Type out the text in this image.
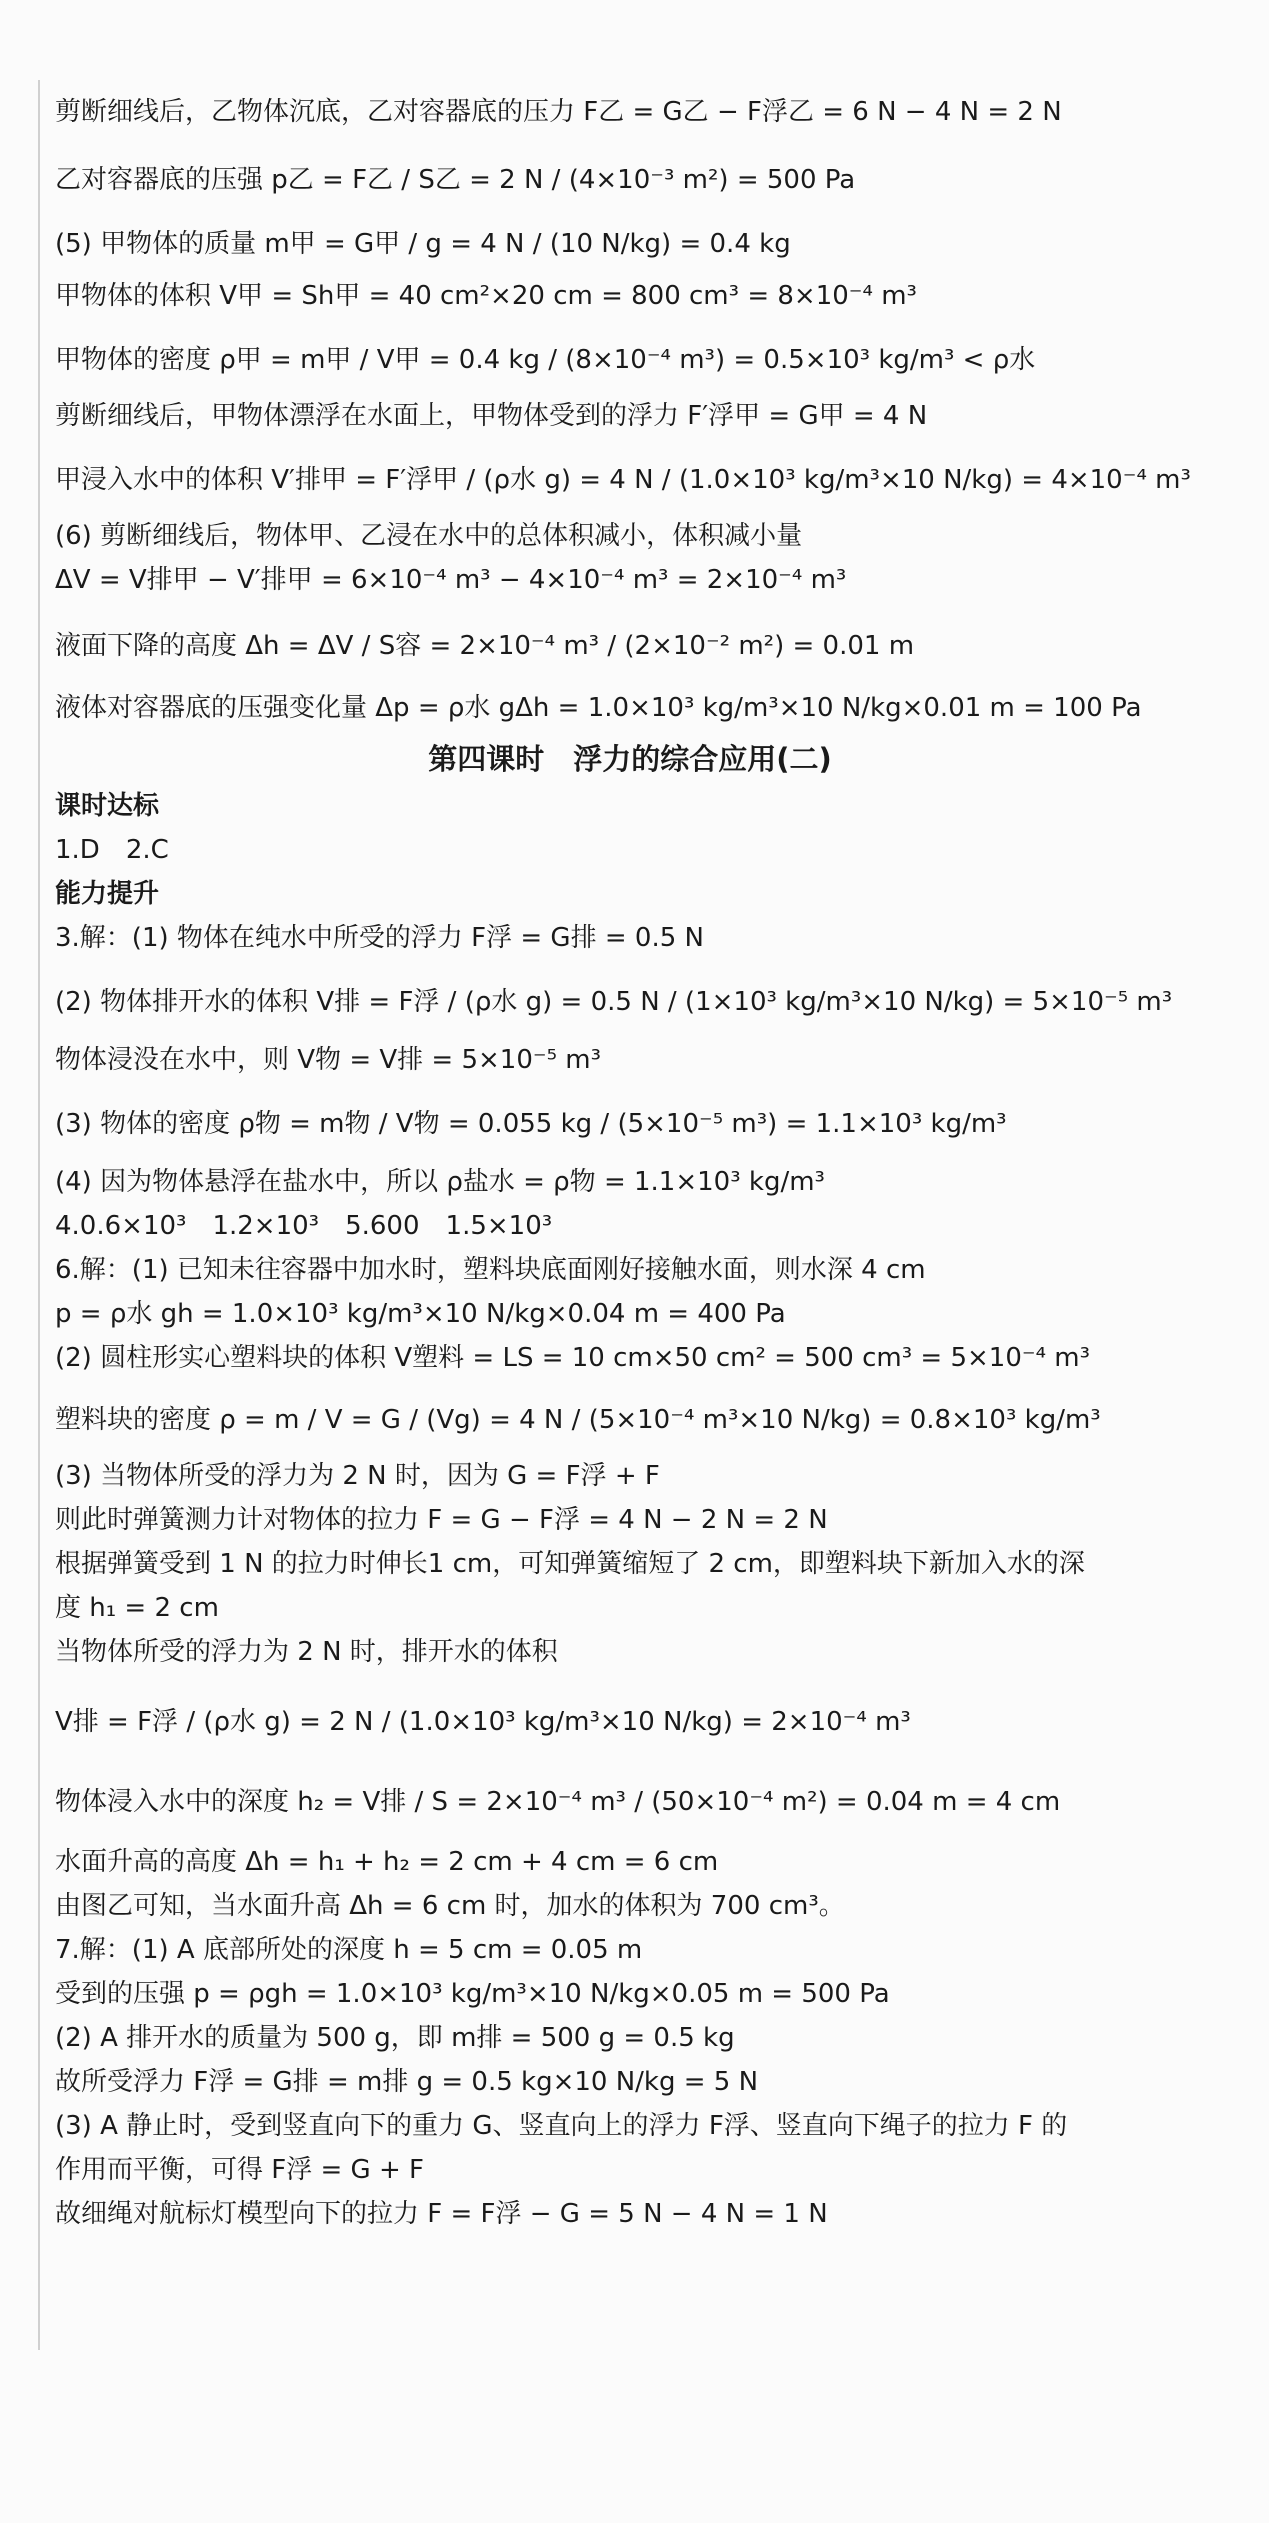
剪断细线后，乙物体沉底，乙对容器底的压力 F乙 = G乙 − F浮乙 = 6 N − 4 N = 2 N
乙对容器底的压强 p乙 = F乙 / S乙 = 2 N / (4×10⁻³ m²) = 500 Pa
(5) 甲物体的质量 m甲 = G甲 / g = 4 N / (10 N/kg) = 0.4 kg
甲物体的体积 V甲 = Sh甲 = 40 cm²×20 cm = 800 cm³ = 8×10⁻⁴ m³
甲物体的密度 ρ甲 = m甲 / V甲 = 0.4 kg / (8×10⁻⁴ m³) = 0.5×10³ kg/m³ < ρ水
剪断细线后，甲物体漂浮在水面上，甲物体受到的浮力 F′浮甲 = G甲 = 4 N
甲浸入水中的体积 V′排甲 = F′浮甲 / (ρ水 g) = 4 N / (1.0×10³ kg/m³×10 N/kg) = 4×10⁻⁴ m³
(6) 剪断细线后，物体甲、乙浸在水中的总体积减小，体积减小量
ΔV = V排甲 − V′排甲 = 6×10⁻⁴ m³ − 4×10⁻⁴ m³ = 2×10⁻⁴ m³
液面下降的高度 Δh = ΔV / S容 = 2×10⁻⁴ m³ / (2×10⁻² m²) = 0.01 m
液体对容器底的压强变化量 Δp = ρ水 gΔh = 1.0×10³ kg/m³×10 N/kg×0.01 m = 100 Pa
第四课时　浮力的综合应用(二)
课时达标
1.D　2.C
能力提升
3.解：(1) 物体在纯水中所受的浮力 F浮 = G排 = 0.5 N
(2) 物体排开水的体积 V排 = F浮 / (ρ水 g) = 0.5 N / (1×10³ kg/m³×10 N/kg) = 5×10⁻⁵ m³
物体浸没在水中，则 V物 = V排 = 5×10⁻⁵ m³
(3) 物体的密度 ρ物 = m物 / V物 = 0.055 kg / (5×10⁻⁵ m³) = 1.1×10³ kg/m³
(4) 因为物体悬浮在盐水中，所以 ρ盐水 = ρ物 = 1.1×10³ kg/m³
4.0.6×10³　1.2×10³　5.600　1.5×10³
6.解：(1) 已知未往容器中加水时，塑料块底面刚好接触水面，则水深 4 cm
p = ρ水 gh = 1.0×10³ kg/m³×10 N/kg×0.04 m = 400 Pa
(2) 圆柱形实心塑料块的体积 V塑料 = LS = 10 cm×50 cm² = 500 cm³ = 5×10⁻⁴ m³
塑料块的密度 ρ = m / V = G / (Vg) = 4 N / (5×10⁻⁴ m³×10 N/kg) = 0.8×10³ kg/m³
(3) 当物体所受的浮力为 2 N 时，因为 G = F浮 + F
则此时弹簧测力计对物体的拉力 F = G − F浮 = 4 N − 2 N = 2 N
根据弹簧受到 1 N 的拉力时伸长1 cm，可知弹簧缩短了 2 cm，即塑料块下新加入水的深
度 h₁ = 2 cm
当物体所受的浮力为 2 N 时，排开水的体积
V排 = F浮 / (ρ水 g) = 2 N / (1.0×10³ kg/m³×10 N/kg) = 2×10⁻⁴ m³
物体浸入水中的深度 h₂ = V排 / S = 2×10⁻⁴ m³ / (50×10⁻⁴ m²) = 0.04 m = 4 cm
水面升高的高度 Δh = h₁ + h₂ = 2 cm + 4 cm = 6 cm
由图乙可知，当水面升高 Δh = 6 cm 时，加水的体积为 700 cm³。
7.解：(1) A 底部所处的深度 h = 5 cm = 0.05 m
受到的压强 p = ρgh = 1.0×10³ kg/m³×10 N/kg×0.05 m = 500 Pa
(2) A 排开水的质量为 500 g，即 m排 = 500 g = 0.5 kg
故所受浮力 F浮 = G排 = m排 g = 0.5 kg×10 N/kg = 5 N
(3) A 静止时，受到竖直向下的重力 G、竖直向上的浮力 F浮、竖直向下绳子的拉力 F 的
作用而平衡，可得 F浮 = G + F
故细绳对航标灯模型向下的拉力 F = F浮 − G = 5 N − 4 N = 1 N
